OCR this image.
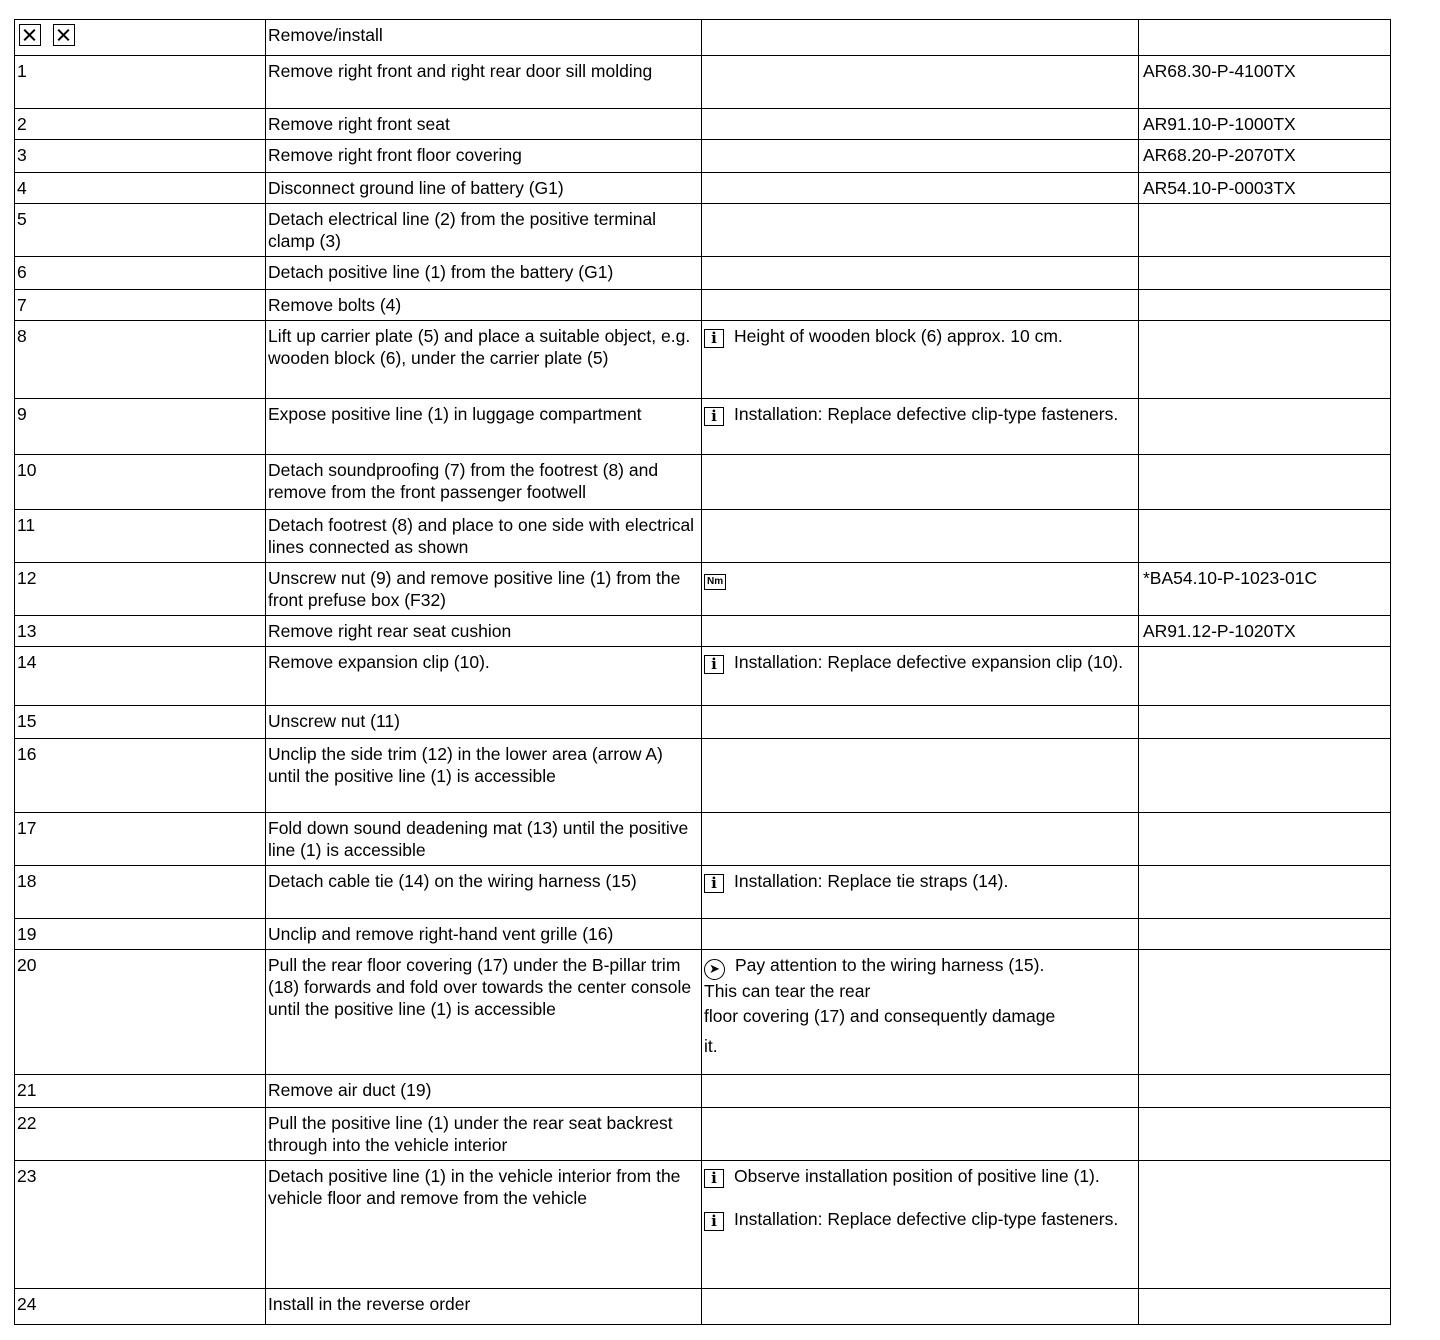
	Remove/install		
1	Remove right front and right rear door sill molding		AR68.30-P-4100TX
2	Remove right front seat		AR91.10-P-1000TX
3	Remove right front floor covering		AR68.20-P-2070TX
4	Disconnect ground line of battery (G1)		AR54.10-P-0003TX
5	Detach electrical line (2) from the positive terminal clamp (3)		
6	Detach positive line (1) from the battery (G1)		
7	Remove bolts (4)		
8	Lift up carrier plate (5) and place a suitable object, e.g. wooden block (6), under the carrier plate (5)	i Height of wooden block (6) approx. 10 cm.	
9	Expose positive line (1) in luggage compartment	i Installation: Replace defective clip-type fasteners.	
10	Detach soundproofing (7) from the footrest (8) and remove from the front passenger footwell		
11	Detach footrest (8) and place to one side with electrical lines connected as shown		
12	Unscrew nut (9) and remove positive line (1) from the front prefuse box (F32)	Nm	*BA54.10-P-1023-01C
13	Remove right rear seat cushion		AR91.12-P-1020TX
14	Remove expansion clip (10).	i Installation: Replace defective expansion clip (10).	
15	Unscrew nut (11)		
16	Unclip the side trim (12) in the lower area (arrow A) until the positive line (1) is accessible		
17	Fold down sound deadening mat (13) until the positive line (1) is accessible		
18	Detach cable tie (14) on the wiring harness (15)	i Installation: Replace tie straps (14).	
19	Unclip and remove right-hand vent grille (16)		
20	Pull the rear floor covering (17) under the B-pillar trim (18) forwards and fold over towards the center console until the positive line (1) is accessible	➤ Pay attention to the wiring harness (15).
This can tear the rear
floor covering (17) and consequently damage
it.	

21	Remove air duct (19)		
22	Pull the positive line (1) under the rear seat backrest through into the vehicle interior		
23	Detach positive line (1) in the vehicle interior from the vehicle floor and remove from the vehicle	i Observe installation position of positive line (1).
i Installation: Replace defective clip-type fasteners.	

24	Install in the reverse order		
